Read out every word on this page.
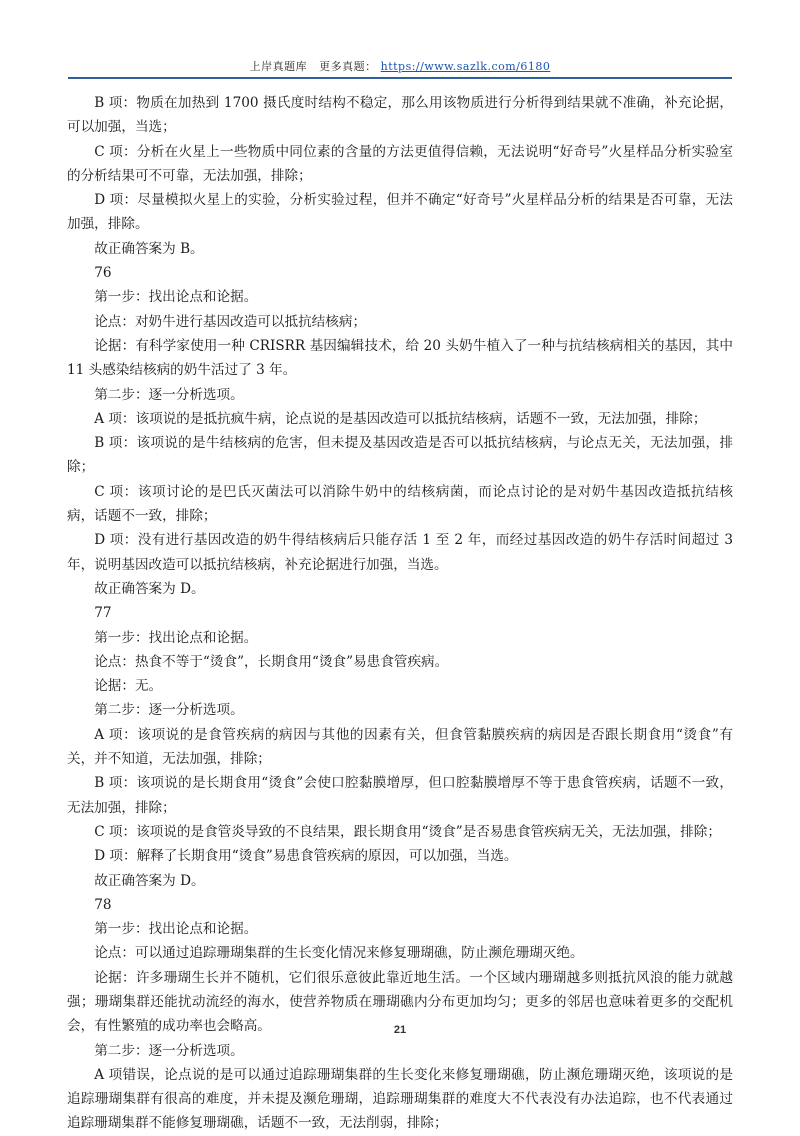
上岸真题库 更多真题： https://www.sazlk.com/6180

B 项：物质在加热到 1700 摄氏度时结构不稳定，那么用该物质进行分析得到结果就不准确，补充论据，可以加强，当选；

C 项：分析在火星上一些物质中同位素的含量的方法更值得信赖，无法说明“好奇号”火星样品分析实验室的分析结果可不可靠，无法加强，排除；

D 项：尽量模拟火星上的实验，分析实验过程，但并不确定“好奇号”火星样品分析的结果是否可靠，无法加强，排除。

故正确答案为 B。

76

第一步：找出论点和论据。

论点：对奶牛进行基因改造可以抵抗结核病；

论据：有科学家使用一种 CRISRR 基因编辑技术，给 20 头奶牛植入了一种与抗结核病相关的基因，其中 11 头感染结核病的奶牛活过了 3 年。

第二步：逐一分析选项。

A 项：该项说的是抵抗疯牛病，论点说的是基因改造可以抵抗结核病，话题不一致，无法加强，排除；

B 项：该项说的是牛结核病的危害，但未提及基因改造是否可以抵抗结核病，与论点无关，无法加强，排除；

C 项：该项讨论的是巴氏灭菌法可以消除牛奶中的结核病菌，而论点讨论的是对奶牛基因改造抵抗结核病，话题不一致，排除；

D 项：没有进行基因改造的奶牛得结核病后只能存活 1 至 2 年，而经过基因改造的奶牛存活时间超过 3 年，说明基因改造可以抵抗结核病，补充论据进行加强，当选。

故正确答案为 D。

77

第一步：找出论点和论据。

论点：热食不等于“烫食”，长期食用“烫食”易患食管疾病。

论据：无。

第二步：逐一分析选项。

A 项：该项说的是食管疾病的病因与其他的因素有关，但食管黏膜疾病的病因是否跟长期食用“烫食”有关，并不知道，无法加强，排除；

B 项：该项说的是长期食用“烫食”会使口腔黏膜增厚，但口腔黏膜增厚不等于患食管疾病，话题不一致，无法加强，排除；

C 项：该项说的是食管炎导致的不良结果，跟长期食用“烫食”是否易患食管疾病无关，无法加强，排除；

D 项：解释了长期食用“烫食”易患食管疾病的原因，可以加强，当选。

故正确答案为 D。

78

第一步：找出论点和论据。

论点：可以通过追踪珊瑚集群的生长变化情况来修复珊瑚礁，防止濒危珊瑚灭绝。

论据：许多珊瑚生长并不随机，它们很乐意彼此靠近地生活。一个区域内珊瑚越多则抵抗风浪的能力就越强；珊瑚集群还能扰动流经的海水，使营养物质在珊瑚礁内分布更加均匀；更多的邻居也意味着更多的交配机会，有性繁殖的成功率也会略高。

第二步：逐一分析选项。

A 项错误，论点说的是可以通过追踪珊瑚集群的生长变化来修复珊瑚礁，防止濒危珊瑚灭绝，该项说的是追踪珊瑚集群有很高的难度，并未提及濒危珊瑚，追踪珊瑚集群的难度大不代表没有办法追踪，也不代表通过追踪珊瑚集群不能修复珊瑚礁，话题不一致，无法削弱，排除；

21
